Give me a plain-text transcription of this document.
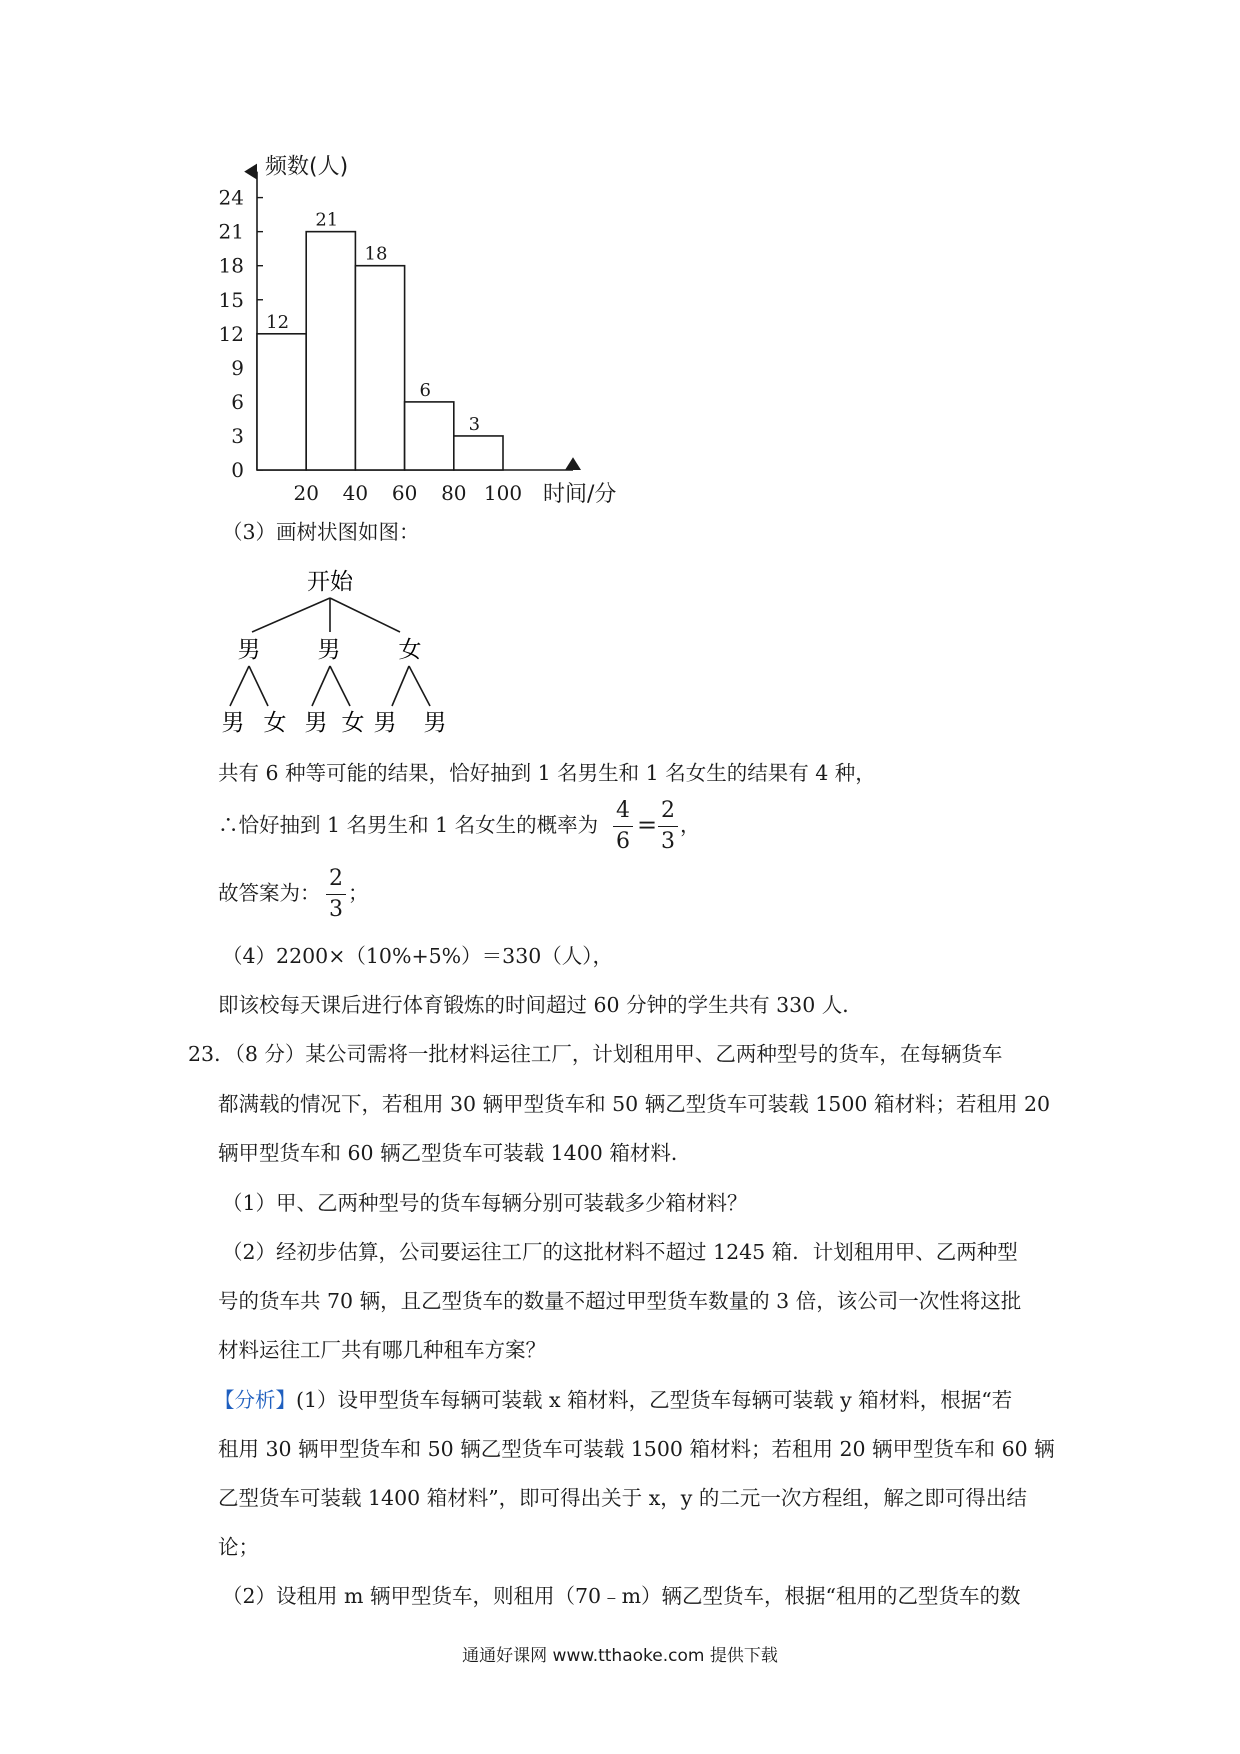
24
21
18
15
12
9
6
3
0
频数(人)
20 40 60 80 100 时间/分
12
21
18
6
3
开始
男 男	女
男 女 男 女 男 男
（3）画树状图如图：
共有 6 种等可能的结果，恰好抽到 1 名男生和 1 名女生的结果有 4 种，
∴恰好抽到 1 名男生和 1 名女生的概率为
4
6
=
2
3
，
故答案为：
2
3
；
（4）2200×（10%+5%）＝330（人），
即该校每天课后进行体育锻炼的时间超过 60 分钟的学生共有 330 人．
23．（8 分）某公司需将一批材料运往工厂，计划租用甲、乙两种型号的货车，在每辆货车
都满载的情况下，若租用 30 辆甲型货车和 50 辆乙型货车可装载 1500 箱材料；若租用 20
辆甲型货车和 60 辆乙型货车可装载 1400 箱材料．
（1）甲、乙两种型号的货车每辆分别可装载多少箱材料？
（2）经初步估算，公司要运往工厂的这批材料不超过 1245 箱．计划租用甲、乙两种型
号的货车共 70 辆，且乙型货车的数量不超过甲型货车数量的 3 倍，该公司一次性将这批
材料运往工厂共有哪几种租车方案？
【分析】(1）设甲型货车每辆可装载 x 箱材料，乙型货车每辆可装载 y 箱材料，根据“若
租用 30 辆甲型货车和 50 辆乙型货车可装载 1500 箱材料；若租用 20 辆甲型货车和 60 辆
乙型货车可装载 1400 箱材料”，即可得出关于 x，y 的二元一次方程组，解之即可得出结
论；
（2）设租用 m 辆甲型货车，则租用（70﹣m）辆乙型货车，根据“租用的乙型货车的数
通通好课网 www.tthaoke.com 提供下载
